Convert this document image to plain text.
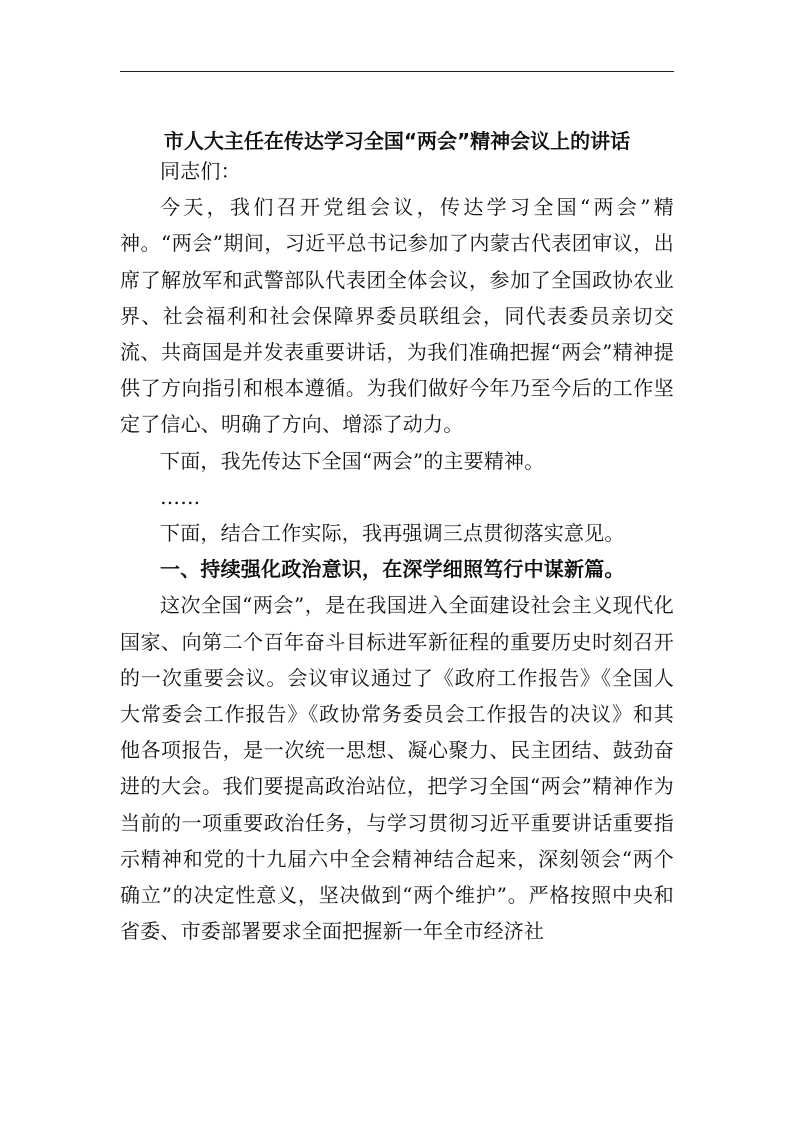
市人大主任在传达学习全国“两会”精神会议上的讲话

同志们：

今天，我们召开党组会议，传达学习全国“两会”精神。“两会”期间，习近平总书记参加了内蒙古代表团审议，出席了解放军和武警部队代表团全体会议，参加了全国政协农业界、社会福利和社会保障界委员联组会，同代表委员亲切交流、共商国是并发表重要讲话，为我们准确把握“两会”精神提供了方向指引和根本遵循。为我们做好今年乃至今后的工作坚定了信心、明确了方向、增添了动力。

下面，我先传达下全国“两会”的主要精神。

……

下面，结合工作实际，我再强调三点贯彻落实意见。

一、持续强化政治意识，在深学细照笃行中谋新篇。

这次全国“两会”，是在我国进入全面建设社会主义现代化国家、向第二个百年奋斗目标进军新征程的重要历史时刻召开的一次重要会议。会议审议通过了《政府工作报告》《全国人大常委会工作报告》《政协常务委员会工作报告的决议》和其他各项报告，是一次统一思想、凝心聚力、民主团结、鼓劲奋进的大会。我们要提高政治站位，把学习全国“两会”精神作为当前的一项重要政治任务，与学习贯彻习近平重要讲话重要指示精神和党的十九届六中全会精神结合起来，深刻领会“两个确立”的决定性意义，坚决做到“两个维护”。严格按照中央和省委、市委部署要求全面把握新一年全市经济社
